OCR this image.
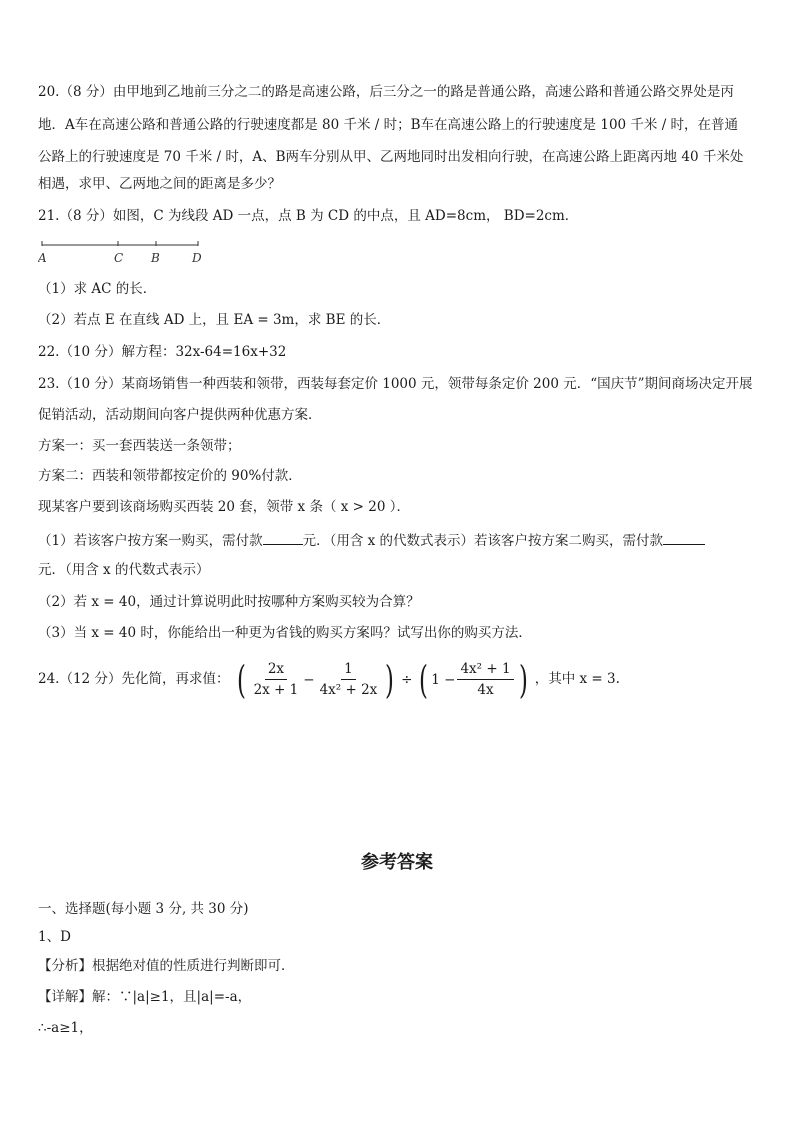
20.（8 分）由甲地到乙地前三分之二的路是高速公路，后三分之一的路是普通公路，高速公路和普通公路交界处是丙
地．A车在高速公路和普通公路的行驶速度都是 80 千米 / 时；B车在高速公路上的行驶速度是 100 千米 / 时，在普通
公路上的行驶速度是 70 千米 / 时，A、B两车分别从甲、乙两地同时出发相向行驶，在高速公路上距离丙地 40 千米处
相遇，求甲、乙两地之间的距离是多少？
21.（8 分）如图，C 为线段 AD 一点，点 B 为 CD 的中点，且 AD=8cm， BD=2cm．
A	C B	D
（1）求 AC 的长．
（2）若点 E 在直线 AD 上，且 EA = 3m，求 BE 的长．
22.（10 分）解方程：32x-64=16x+32
23.（10 分）某商场销售一种西装和领带，西装每套定价 1000 元，领带每条定价 200 元．“国庆节”期间商场决定开展
促销活动，活动期间向客户提供两种优惠方案．
方案一：买一套西装送一条领带；
方案二：西装和领带都按定价的 90%付款．
现某客户要到该商场购买西装 20 套，领带 x 条（ x > 20 ）．
（1）若该客户按方案一购买，需付款	元．（用含 x 的代数式表示）若该客户按方案二购买，需付款
元．（用含 x 的代数式表示）
（2）若 x = 40，通过计算说明此时按哪种方案购买较为合算？
（3）当 x = 40 时，你能给出一种更为省钱的购买方案吗？试写出你的购买方法．
24.（12 分）先化简，再求值： ( $\frac{2x}{2x + 1} - \frac{1}{\text{4x² + 2x}}$ ) ÷ ( $1 - \frac{\text{4x² + 1}}{4x}$ ) ，其中 x = 3.
参考答案
一、选择题(每小题 3 分, 共 30 分)
1、D
【分析】根据绝对值的性质进行判断即可．
【详解】解：∵|a|≥1，且|a|=-a，
∴-a≥1，
